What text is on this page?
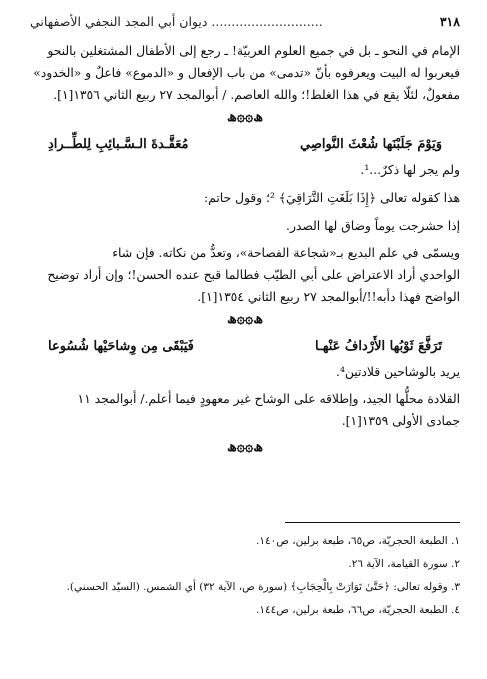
٣١٨
............................ ديوان أبي المجد النجفي الأصفهاني

الإمام في النحو ـ بل في جميع العلوم العربيّة! ـ رجع إلى الأطفال المشتغلين بالنحو

فيعربوا له البيت ويعرفوه بأنّ «تدمى» من باب الإفعال و «الدموع» فاعلٌ و «الخدود»

مفعولٌ، لئلّا يقع في هذا الغلط!؛ والله العاصم. / أبوالمجد ٢٧ ربيع الثاني ١٣٥٦[١].

ﮪ۞۞ﮪ
وَيَوْمَ جَلَبْنَها شُعْثَ النَّواصِي
مُعَقَّـدةَ الـسَّـبائِبِ لِلطِّــرادِ

ولم يجر لها ذكرٌ...¹.

هذا كقوله تعالى ﴿إِذَا بَلَغَتِ التَّرَاقِيَ﴾ ²؛ وقول حاتم:

إذا حشرجت يوماً وضاق لها الصدر.

ويسمّى في علم البديع بـ«شجاعة الفصاحة»، وتعدُّ من نكاته. فإن شاء

الواحدي أراد الاعتراض على أبي الطيّب فطالما قبح عنده الحسن!؛ وإن أراد توضيح

الواضح فهذا دأبه!!/أبوالمجد ٢٧ ربيع الثاني ١٣٥٤[١].

ﮪ۞۞ﮪ
تَرَفَّعَ ثَوْبُها الأَرْدافُ عَنْهـا
فَيَبْقَى مِن وِشاحَيْها شُسُوعا

يريد بالوشاحين قلادتين⁴.

القلادة محلُّها الجيد، وإطلاقه على الوشاح غير معهودٍ فيما أعلم./ أبوالمجد ١١

جمادى الأولى ١٣٥٩[١].

ﮪ۞۞ﮪ
١. الطبعة الحجريّة، ص٦٥، طبعة برلين، ص١٤٠.
٢. سورة القيامة، الآية ٢٦.
٣. وقوله تعالى: ﴿حَتَّىٰ تَوَارَتْ بِالْحِجَابِ﴾ (سورة ص، الآية ٣٢) أي الشمس. (السيّد الحسني).
٤. الطبعة الحجريّة، ص٦٦، طبعة برلين، ص١٤٤.
